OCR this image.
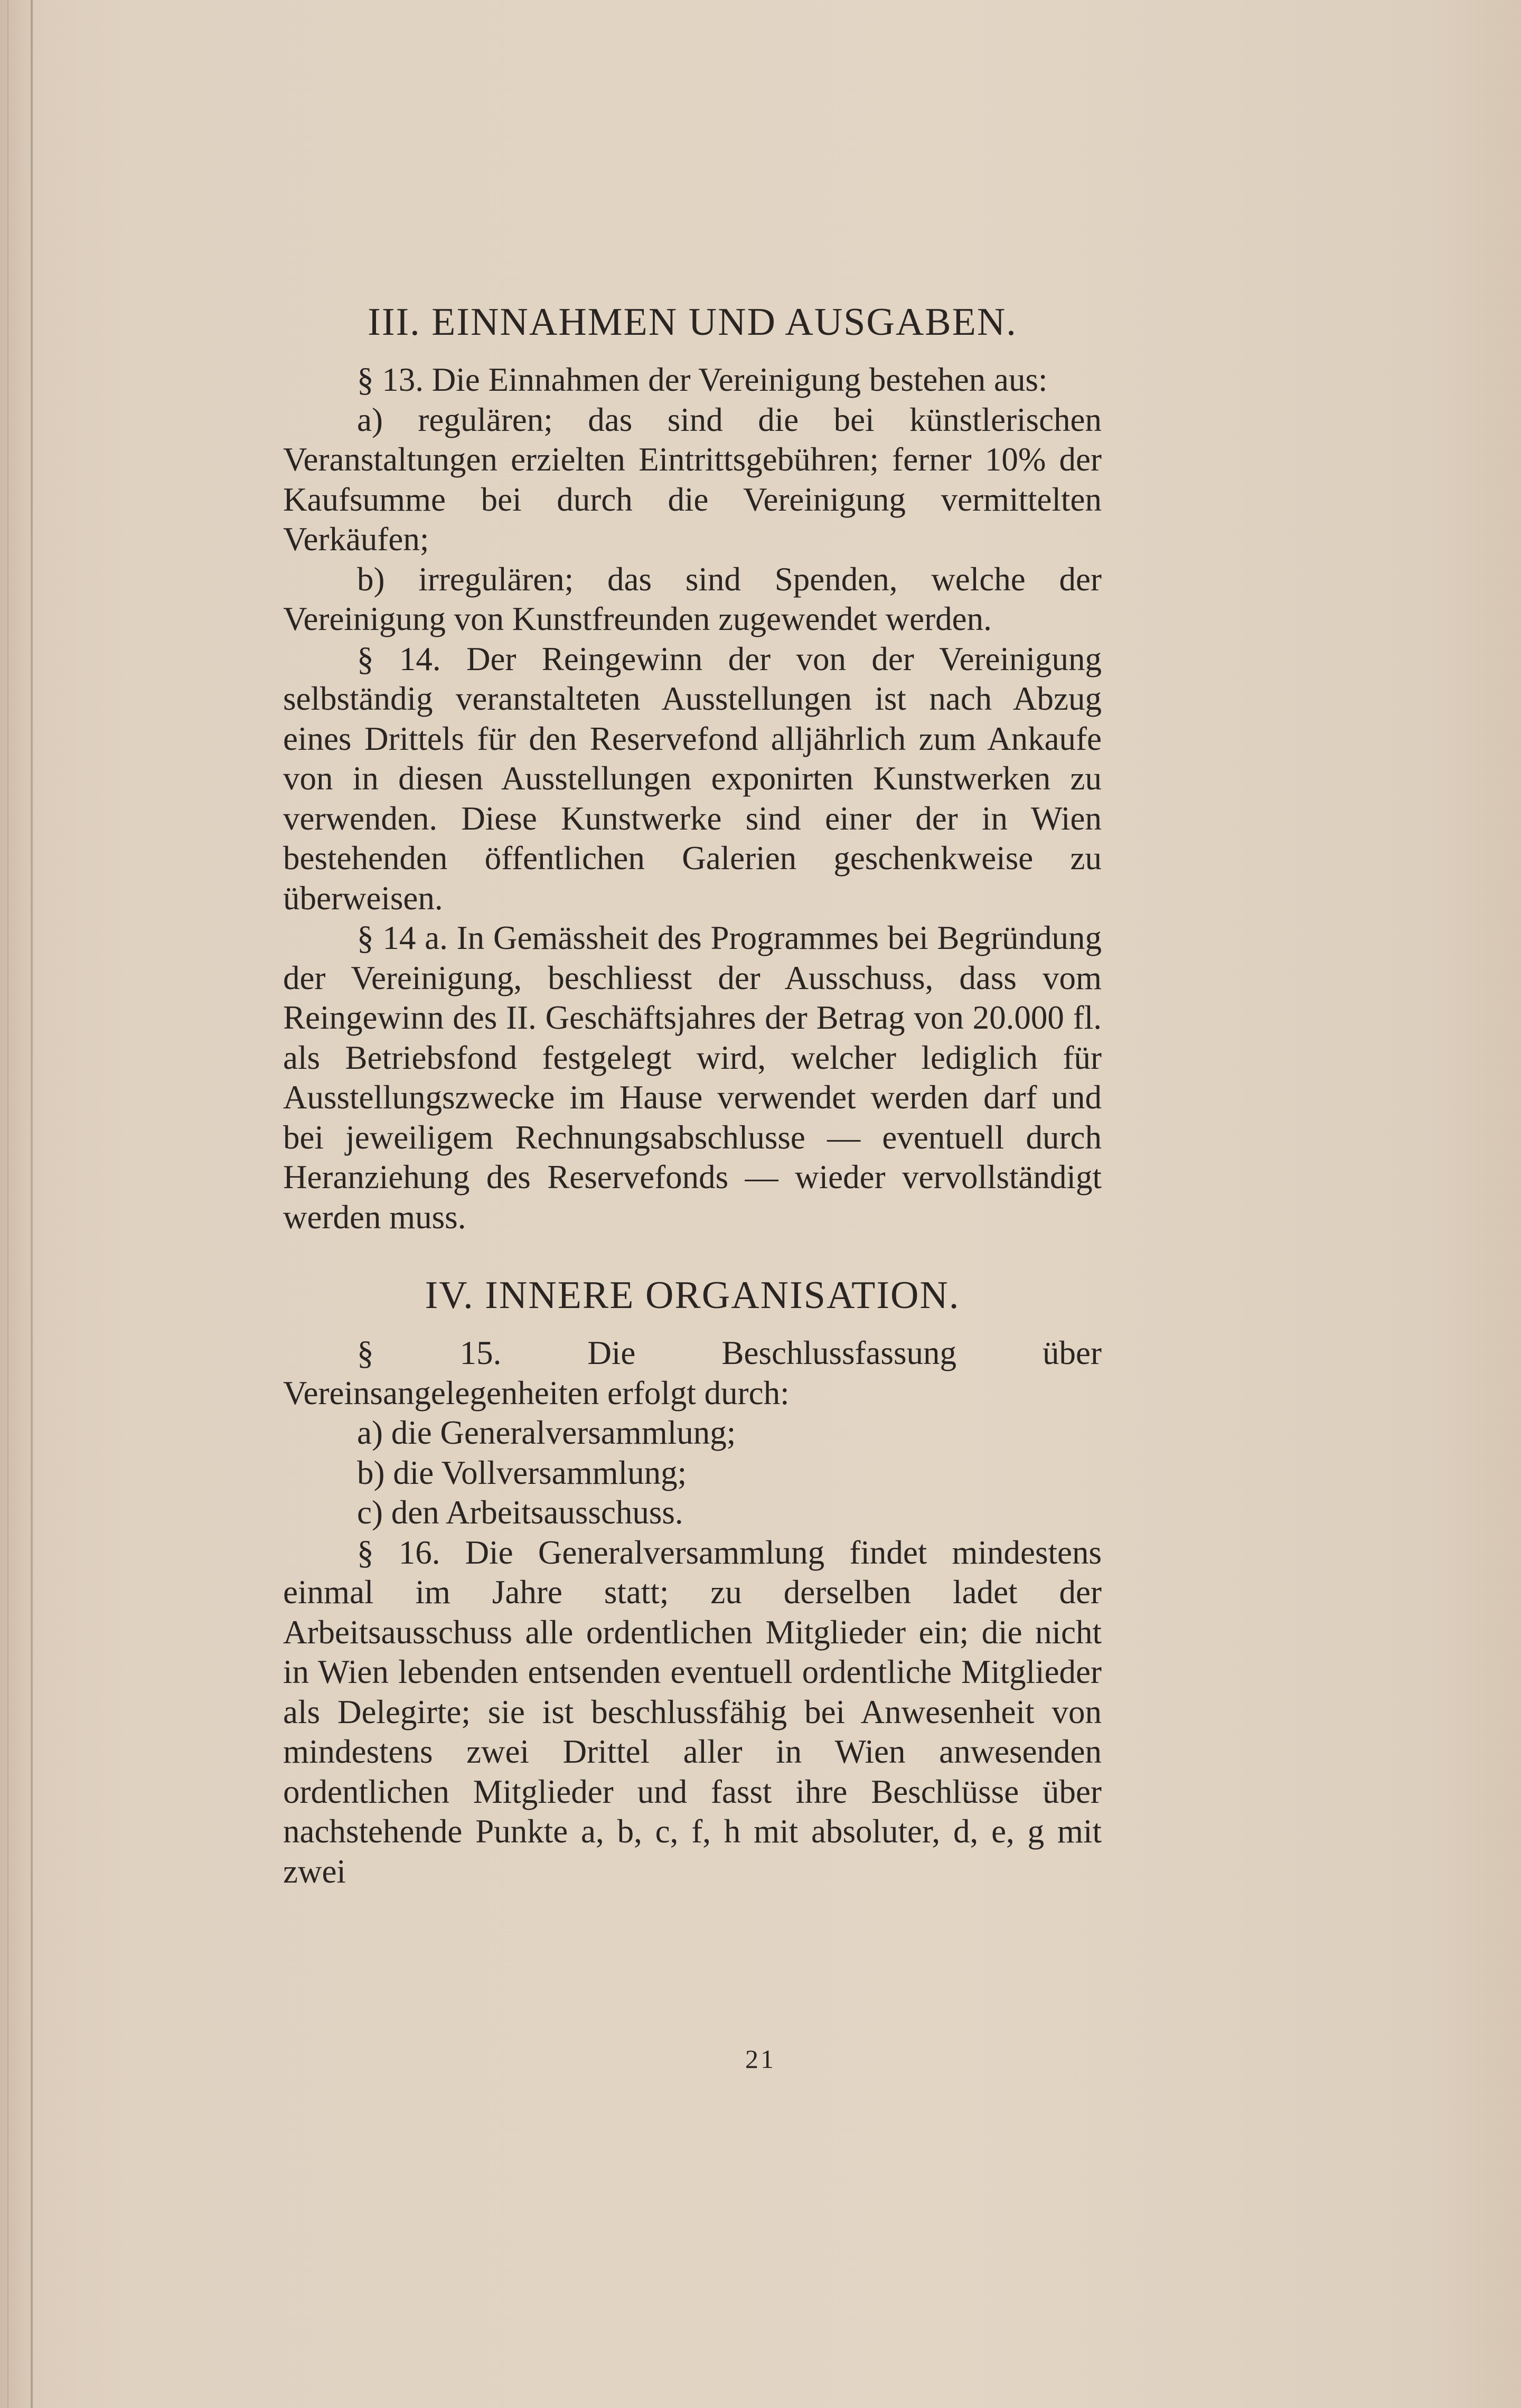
III. EINNAHMEN UND AUSGABEN.

§ 13. Die Einnahmen der Vereinigung bestehen aus:

a) regulären; das sind die bei künstlerischen Veranstaltungen erzielten Eintrittsgebühren; ferner 10% der Kaufsumme bei durch die Vereinigung vermittelten Verkäufen;

b) irregulären; das sind Spenden, welche der Vereinigung von Kunstfreunden zugewendet werden.

§ 14. Der Reingewinn der von der Vereinigung selbständig veranstalteten Ausstellungen ist nach Abzug eines Drittels für den Reservefond alljährlich zum Ankaufe von in diesen Ausstellungen exponirten Kunstwerken zu verwenden. Diese Kunstwerke sind einer der in Wien bestehenden öffentlichen Galerien geschenkweise zu überweisen.

§ 14 a. In Gemässheit des Programmes bei Begründung der Vereinigung, beschliesst der Ausschuss, dass vom Reingewinn des II. Geschäftsjahres der Betrag von 20.000 fl. als Betriebsfond festgelegt wird, welcher lediglich für Ausstellungszwecke im Hause verwendet werden darf und bei jeweiligem Rechnungsabschlusse — eventuell durch Heranziehung des Reservefonds — wieder vervollständigt werden muss.

IV. INNERE ORGANISATION.

§ 15. Die Beschlussfassung über Vereinsangelegenheiten erfolgt durch:

a) die Generalversammlung;

b) die Vollversammlung;

c) den Arbeitsausschuss.

§ 16. Die Generalversammlung findet mindestens einmal im Jahre statt; zu derselben ladet der Arbeitsausschuss alle ordentlichen Mitglieder ein; die nicht in Wien lebenden entsenden eventuell ordentliche Mitglieder als Delegirte; sie ist beschlussfähig bei Anwesenheit von mindestens zwei Drittel aller in Wien anwesenden ordentlichen Mitglieder und fasst ihre Beschlüsse über nachstehende Punkte a, b, c, f, h mit absoluter, d, e, g mit zwei

21
